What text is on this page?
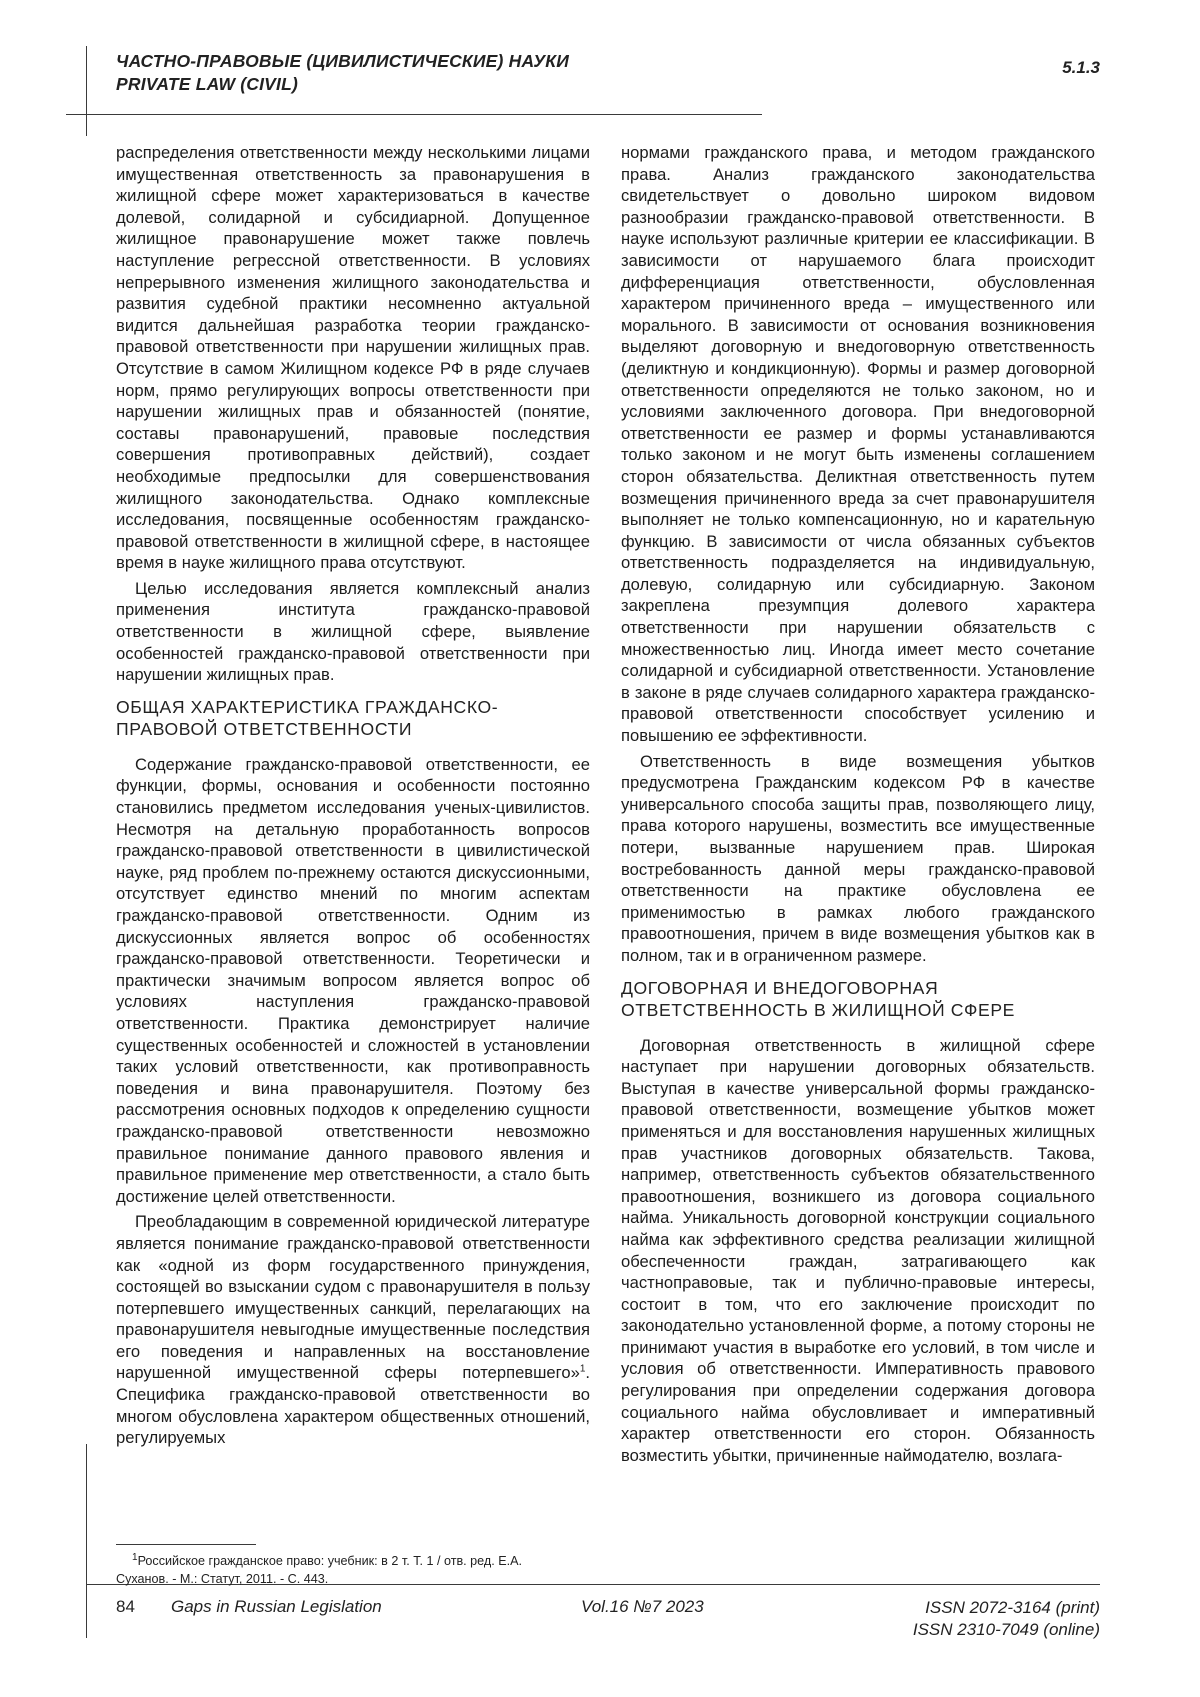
ЧАСТНО-ПРАВОВЫЕ (ЦИВИЛИСТИЧЕСКИЕ) НАУКИ
PRIVATE LAW (CIVIL)
5.1.3

распределения ответственности между несколькими лицами имущественная ответственность за правонарушения в жилищной сфере может характеризоваться в качестве долевой, солидарной и субсидиарной. Допущенное жилищное правонарушение может также повлечь наступление регрессной ответственности. В условиях непрерывного изменения жилищного законодательства и развития судебной практики несомненно актуальной видится дальнейшая разработка теории гражданско-правовой ответственности при нарушении жилищных прав. Отсутствие в самом Жилищном кодексе РФ в ряде случаев норм, прямо регулирующих вопросы ответственности при нарушении жилищных прав и обязанностей (понятие, составы правонарушений, правовые последствия совершения противоправных действий), создает необходимые предпосылки для совершенствования жилищного законодательства. Однако комплексные исследования, посвященные особенностям гражданско-правовой ответственности в жилищной сфере, в настоящее время в науке жилищного права отсутствуют.

Целью исследования является комплексный анализ применения института гражданско-правовой ответственности в жилищной сфере, выявление особенностей гражданско-правовой ответственности при нарушении жилищных прав.

ОБЩАЯ ХАРАКТЕРИСТИКА ГРАЖДАНСКО-
ПРАВОВОЙ ОТВЕТСТВЕННОСТИ

Содержание гражданско-правовой ответственности, ее функции, формы, основания и особенности постоянно становились предметом исследования ученых-цивилистов. Несмотря на детальную проработанность вопросов гражданско-правовой ответственности в цивилистической науке, ряд проблем по-прежнему остаются дискуссионными, отсутствует единство мнений по многим аспектам гражданско-правовой ответственности. Одним из дискуссионных является вопрос об особенностях гражданско-правовой ответственности. Теоретически и практически значимым вопросом является вопрос об условиях наступления гражданско-правовой ответственности. Практика демонстрирует наличие существенных особенностей и сложностей в установлении таких условий ответственности, как противоправность поведения и вина правонарушителя. Поэтому без рассмотрения основных подходов к определению сущности гражданско-правовой ответственности невозможно правильное понимание данного правового явления и правильное применение мер ответственности, а стало быть достижение целей ответственности.

Преобладающим в современной юридической литературе является понимание гражданско-правовой ответственности как «одной из форм государственного принуждения, состоящей во взыскании судом с правонарушителя в пользу потерпевшего имущественных санкций, перелагающих на правонарушителя невыгодные имущественные последствия его поведения и направленных на восстановление нарушенной имущественной сферы потерпевшего»$^1$. Специфика гражданско-правовой ответственности во многом обусловлена характером общественных отношений, регулируемых

нормами гражданского права, и методом гражданского права. Анализ гражданского законодательства свидетельствует о довольно широком видовом разнообразии гражданско-правовой ответственности. В науке используют различные критерии ее классификации. В зависимости от нарушаемого блага происходит дифференциация ответственности, обусловленная характером причиненного вреда – имущественного или морального. В зависимости от основания возникновения выделяют договорную и внедоговорную ответственность (деликтную и кондикционную). Формы и размер договорной ответственности определяются не только законом, но и условиями заключенного договора. При внедоговорной ответственности ее размер и формы устанавливаются только законом и не могут быть изменены соглашением сторон обязательства. Деликтная ответственность путем возмещения причиненного вреда за счет правонарушителя выполняет не только компенсационную, но и карательную функцию. В зависимости от числа обязанных субъектов ответственность подразделяется на индивидуальную, долевую, солидарную или субсидиарную. Законом закреплена презумпция долевого характера ответственности при нарушении обязательств с множественностью лиц. Иногда имеет место сочетание солидарной и субсидиарной ответственности. Установление в законе в ряде случаев солидарного характера гражданско-правовой ответственности способствует усилению и повышению ее эффективности.

Ответственность в виде возмещения убытков предусмотрена Гражданским кодексом РФ в качестве универсального способа защиты прав, позволяющего лицу, права которого нарушены, возместить все имущественные потери, вызванные нарушением прав. Широкая востребованность данной меры гражданско-правовой ответственности на практике обусловлена ее применимостью в рамках любого гражданского правоотношения, причем в виде возмещения убытков как в полном, так и в ограниченном размере.

ДОГОВОРНАЯ И ВНЕДОГОВОРНАЯ
ОТВЕТСТВЕННОСТЬ В ЖИЛИЩНОЙ СФЕРЕ

Договорная ответственность в жилищной сфере наступает при нарушении договорных обязательств. Выступая в качестве универсальной формы гражданско-правовой ответственности, возмещение убытков может применяться и для восстановления нарушенных жилищных прав участников договорных обязательств. Такова, например, ответственность субъектов обязательственного правоотношения, возникшего из договора социального найма. Уникальность договорной конструкции социального найма как эффективного средства реализации жилищной обеспеченности граждан, затрагивающего как частноправовые, так и публично-правовые интересы, состоит в том, что его заключение происходит по законодательно установленной форме, а потому стороны не принимают участия в выработке его условий, в том числе и условия об ответственности. Императивность правового регулирования при определении содержания договора социального найма обусловливает и императивный характер ответственности его сторон. Обязанность возместить убытки, причиненные наймодателю, возлага-

$^1$Российское гражданское право: учебник: в 2 т. Т. 1 / отв. ред. Е.А.
Суханов. - М.: Статут, 2011. - С. 443.
84 Gaps in Russian Legislation	Vol.16 №7 2023	ISSN 2072-3164 (print)
ISSN 2310-7049 (online)
